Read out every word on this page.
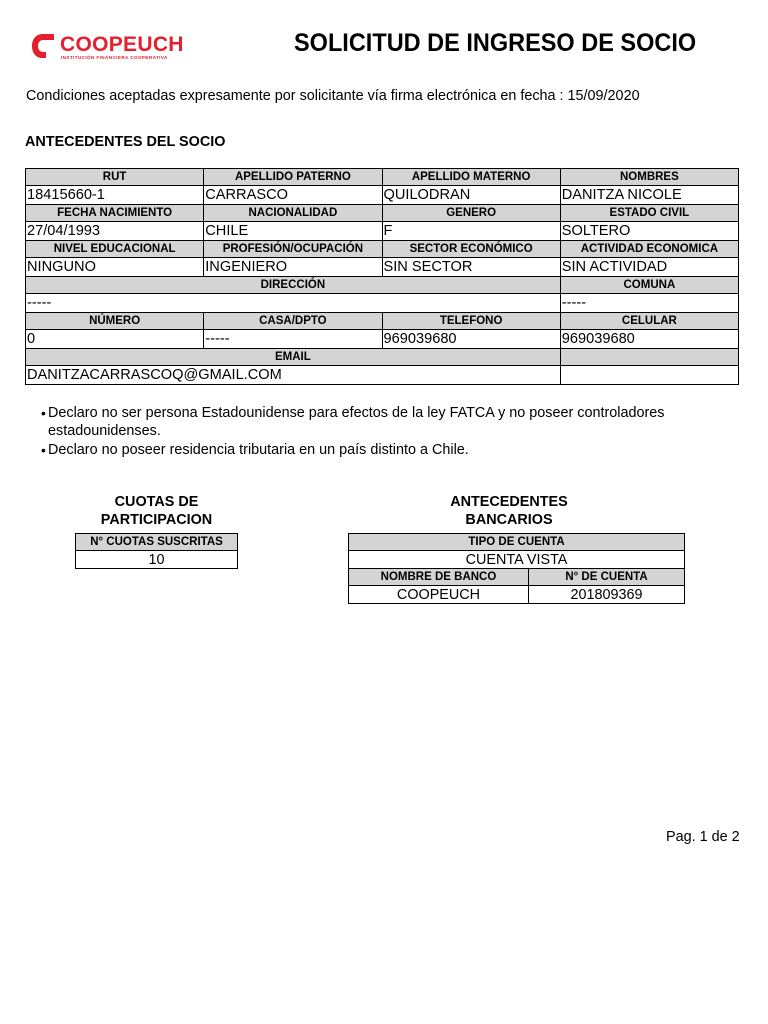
COOPEUCH
INSTITUCIÓN FINANCIERA COOPERATIVA
SOLICITUD DE INGRESO DE SOCIO
Condiciones aceptadas expresamente por solicitante vía firma electrónica en fecha : 15/09/2020
ANTECEDENTES DEL SOCIO
RUT	APELLIDO PATERNO	APELLIDO MATERNO	NOMBRES
18415660-1	CARRASCO	QUILODRAN	DANITZA NICOLE
FECHA NACIMIENTO	NACIONALIDAD	GENERO	ESTADO CIVIL
27/04/1993	CHILE	F	SOLTERO
NIVEL EDUCACIONAL	PROFESIÓN/OCUPACIÓN	SECTOR ECONÓMICO	ACTIVIDAD ECONOMICA
NINGUNO	INGENIERO	SIN SECTOR	SIN ACTIVIDAD
DIRECCIÓN			COMUNA
-----			-----
NÚMERO	CASA/DPTO	TELEFONO	CELULAR
0	-----	969039680	969039680
EMAIL			
DANITZACARRASCOQ@GMAIL.COM			
• Declaro no ser persona Estadounidense para efectos de la ley FATCA y no poseer controladores estadounidenses.
• Declaro no poseer residencia tributaria en un país distinto a Chile.
CUOTAS DE
PARTICIPACION
N° CUOTAS SUSCRITAS
10
ANTECEDENTES
BANCARIOS
TIPO DE CUENTA	
CUENTA VISTA	
NOMBRE DE BANCO	N° DE CUENTA
COOPEUCH	201809369
Pag. 1 de 2
